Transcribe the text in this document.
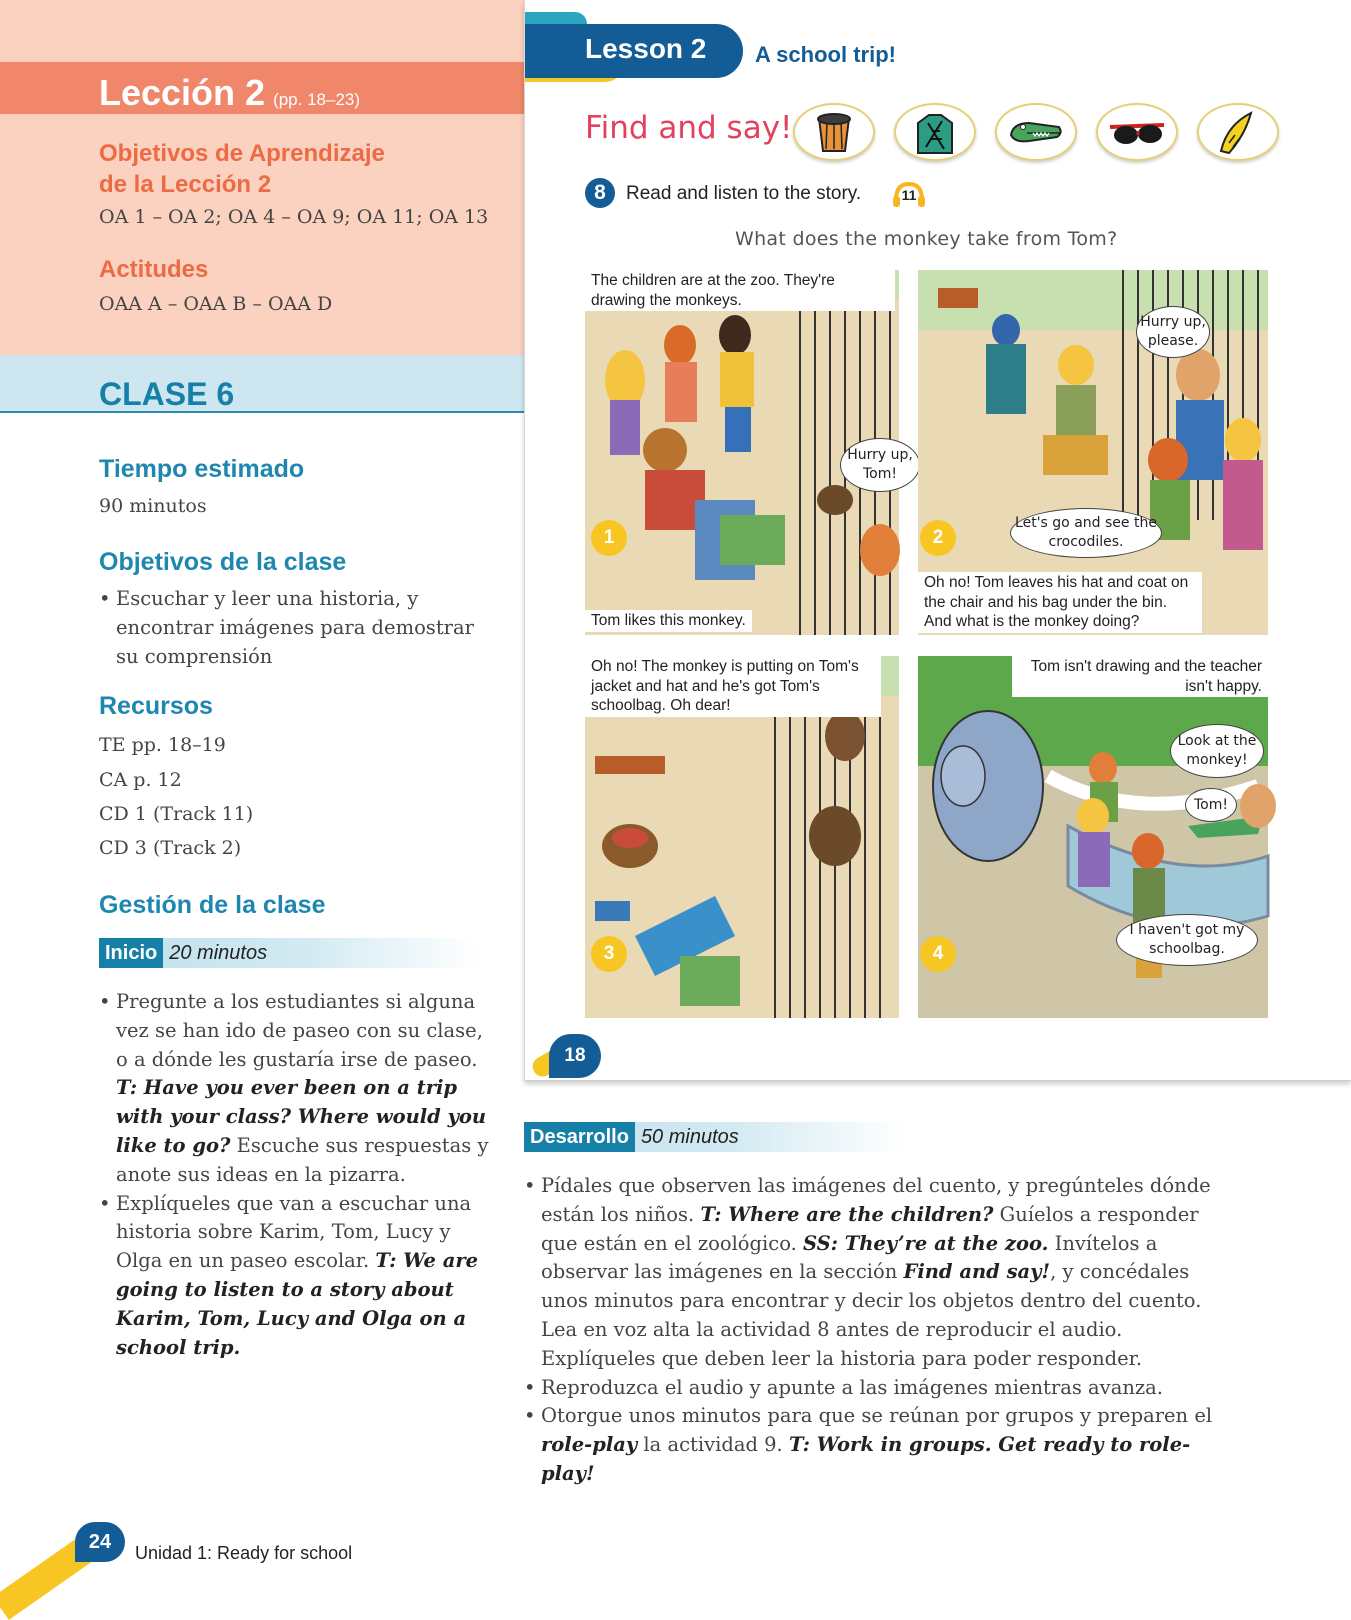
Lección 2 (pp. 18–23)

Objetivos de Aprendizaje
de la Lección 2

OA 1 – OA 2; OA 4 – OA 9; OA 11; OA 13

Actitudes

OAA A – OAA B – OAA D

CLASE 6

Tiempo estimado

90 minutos

Objetivos de la clase

• Escuchar y leer una historia, y encontrar imágenes para demostrar su comprensión

Recursos

TE pp. 18–19

CA p. 12

CD 1 (Track 11)

CD 3 (Track 2)

Gestión de la clase

Inicio 20 minutos
• Pregunte a los estudiantes si alguna vez se han ido de paseo con su clase, o a dónde les gustaría irse de paseo. T: Have you ever been on a trip with your class? Where would you like to go? Escuche sus respuestas y anote sus ideas en la pizarra.
• Explíqueles que van a escuchar una historia sobre Karim, Tom, Lucy y Olga en un paseo escolar. T: We are going to listen to a story about Karim, Tom, Lucy and Olga on a school trip.
Lesson 2 A school trip!
Find and say!
8	Read and listen to the story.	11
What does the monkey take from Tom?
The children are at the zoo. They're drawing the monkeys.
Hurry up, Tom!
1
Tom likes this monkey.
Hurry up, please.
Let's go and see the crocodiles.
2
Oh no! Tom leaves his hat and coat on the chair and his bag under the bin. And what is the monkey doing?
Oh no! The monkey is putting on Tom's jacket and hat and he's got Tom's schoolbag. Oh dear!
3
Tom isn't drawing and the teacher isn't happy.
Look at the monkey!
Tom!
I haven't got my schoolbag.
4
18
Desarrollo 50 minutos
• Pídales que observen las imágenes del cuento, y pregúnteles dónde están los niños. T: Where are the children? Guíelos a responder que están en el zoológico. SS: They’re at the zoo. Invítelos a observar las imágenes en la sección Find and say!, y concédales unos minutos para encontrar y decir los objetos dentro del cuento. Lea en voz alta la actividad 8 antes de reproducir el audio. Explíqueles que deben leer la historia para poder responder.
• Reproduzca el audio y apunte a las imágenes mientras avanza.
• Otorgue unos minutos para que se reúnan por grupos y preparen el role-play la actividad 9. T: Work in groups. Get ready to role-play!
24	Unidad 1: Ready for school
